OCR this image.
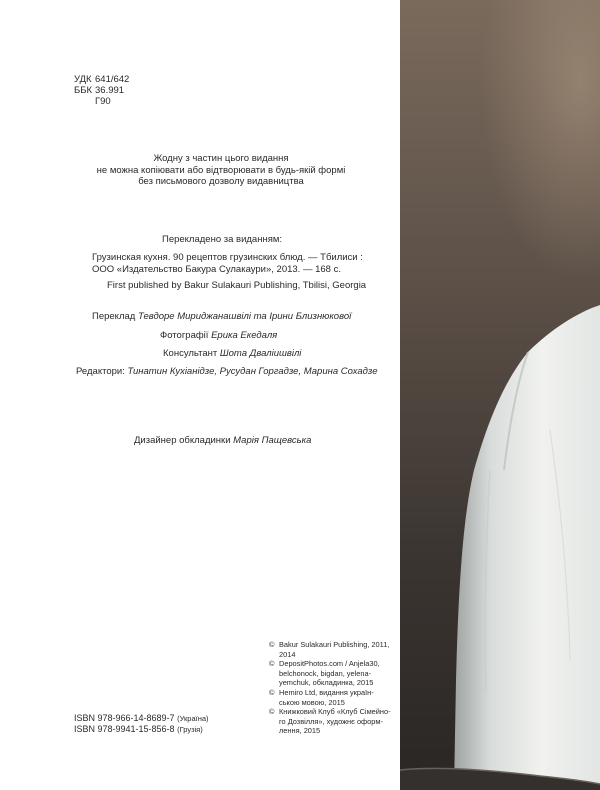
УДК 641/642
ББК 36.991
Г90
Жодну з частин цього видання
не можна копіювати або відтворювати в будь-якій формі
без письмового дозволу видавництва
Перекладено за виданням:
Грузинская кухня. 90 рецептов грузинских блюд. — Тбилиси :
ООО «Издательство Бакура Сулакаури», 2013. — 168 с.
First published by Bakur Sulakauri Publishing, Tbilisi, Georgia
Переклад Тевдоре Мириджанашвілі та Ірини Близнюкової
Фотографії Ерика Екедаля
Консультант Шота Дваліишвілі
Редактори: Тинатин Кухіанідзе, Русудан Горгадзе, Марина Сохадзе
Дизайнер обкладинки Марія Пащевська
ISBN 978-966-14-8689-7 (Україна)
ISBN 978-9941-15-856-8 (Грузія)
© Bakur Sulakauri Publishing, 2011,
2014
© DepositPhotos.com / Anjela30,
belchonock, bigdan, yelena-
yemchuk, обкладинка, 2015
© Hemiro Ltd, видання україн-
ською мовою, 2015
© Книжковий Клуб «Клуб Сімейно-
го Дозвілля», художнє оформ-
лення, 2015
